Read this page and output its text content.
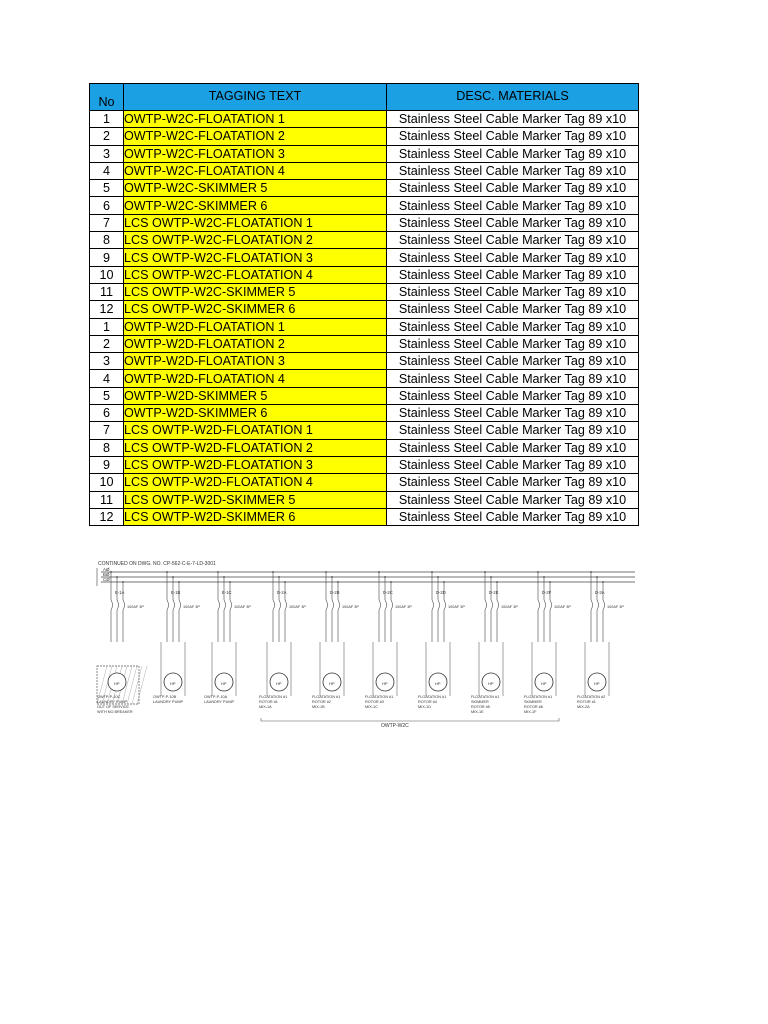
No	TAGGING TEXT	DESC. MATERIALS
1	OWTP-W2C-FLOATATION 1	Stainless Steel Cable Marker Tag 89 x10
2	OWTP-W2C-FLOATATION 2	Stainless Steel Cable Marker Tag 89 x10
3	OWTP-W2C-FLOATATION 3	Stainless Steel Cable Marker Tag 89 x10
4	OWTP-W2C-FLOATATION 4	Stainless Steel Cable Marker Tag 89 x10
5	OWTP-W2C-SKIMMER 5	Stainless Steel Cable Marker Tag 89 x10
6	OWTP-W2C-SKIMMER 6	Stainless Steel Cable Marker Tag 89 x10
7	LCS OWTP-W2C-FLOATATION 1	Stainless Steel Cable Marker Tag 89 x10
8	LCS OWTP-W2C-FLOATATION 2	Stainless Steel Cable Marker Tag 89 x10
9	LCS OWTP-W2C-FLOATATION 3	Stainless Steel Cable Marker Tag 89 x10
10	LCS OWTP-W2C-FLOATATION 4	Stainless Steel Cable Marker Tag 89 x10
11	LCS OWTP-W2C-SKIMMER 5	Stainless Steel Cable Marker Tag 89 x10
12	LCS OWTP-W2C-SKIMMER 6	Stainless Steel Cable Marker Tag 89 x10
1	OWTP-W2D-FLOATATION 1	Stainless Steel Cable Marker Tag 89 x10
2	OWTP-W2D-FLOATATION 2	Stainless Steel Cable Marker Tag 89 x10
3	OWTP-W2D-FLOATATION 3	Stainless Steel Cable Marker Tag 89 x10
4	OWTP-W2D-FLOATATION 4	Stainless Steel Cable Marker Tag 89 x10
5	OWTP-W2D-SKIMMER 5	Stainless Steel Cable Marker Tag 89 x10
6	OWTP-W2D-SKIMMER 6	Stainless Steel Cable Marker Tag 89 x10
7	LCS OWTP-W2D-FLOATATION 1	Stainless Steel Cable Marker Tag 89 x10
8	LCS OWTP-W2D-FLOATATION 2	Stainless Steel Cable Marker Tag 89 x10
9	LCS OWTP-W2D-FLOATATION 3	Stainless Steel Cable Marker Tag 89 x10
10	LCS OWTP-W2D-FLOATATION 4	Stainless Steel Cable Marker Tag 89 x10
11	LCS OWTP-W2D-SKIMMER 5	Stainless Steel Cable Marker Tag 89 x10
12	LCS OWTP-W2D-SKIMMER 6	Stainless Steel Cable Marker Tag 89 x10
CONTINUED ON DWG. NO. CP-562-C-E-7-LD-3001
AØ
BØ
CØ
E-1A
100AF 3P
HP
OWTP-P-10C
LAUNDRY PUMP
OUT OF SERVICE
WITH NO BREAKER
E-1B
100AF 3P
HP
OWTP-P-10B
LAUNDRY PUMP
E-1C
100AF 3P
HP
OWTP-P-10A
LAUNDRY PUMP
D-2A
100AF 3P
HP
FLOATATION #1
ROTOR #1
MIX-1A
D-2B
100AF 3P
HP
FLOATATION #1
ROTOR #2
MIX-1B
D-2C
100AF 3P
HP
FLOATATION #1
ROTOR #3
MIX-1C
D-2D
100AF 3P
HP
FLOATATION #1
ROTOR #4
MIX-1D
D-2E
100AF 3P
HP
FLOATATION #1
SKIMMER
ROTOR #5
MIX-1E
D-2F
100AF 3P
HP
FLOATATION #1
SKIMMER
ROTOR #6
MIX-1F
D-3A
100AF 3P
HP
FLOATATION #2
ROTOR #1
MIX-2A
OWTP-W2C
